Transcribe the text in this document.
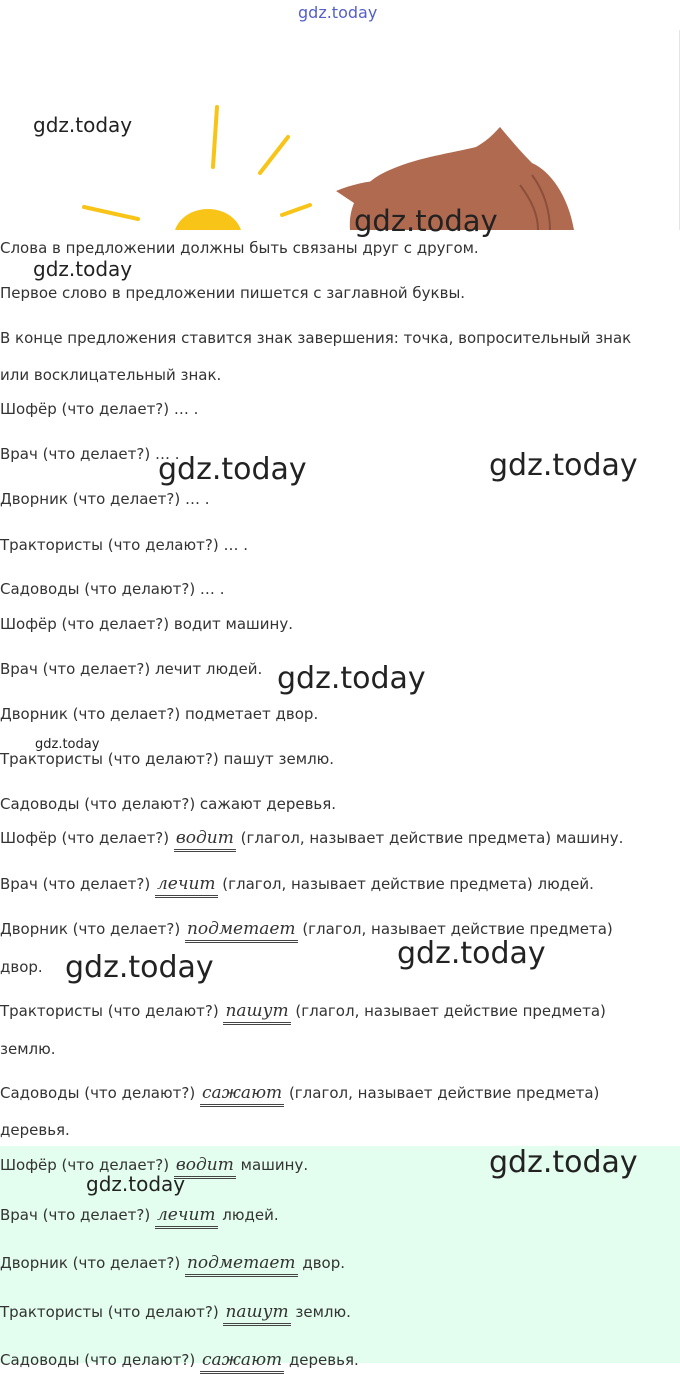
Слова в предложении должны быть связаны друг с другом.
Первое слово в предложении пишется с заглавной буквы.
В конце предложения ставится знак завершения: точка, вопросительный знак
или восклицательный знак.
Шофёр (что делает?) … .
Врач (что делает?) … .
Дворник (что делает?) … .
Трактористы (что делают?) … .
Садоводы (что делают?) … .
Шофёр (что делает?) водит машину.
Врач (что делает?) лечит людей.
Дворник (что делает?) подметает двор.
Трактористы (что делают?) пашут землю.
Садоводы (что делают?) сажают деревья.
Шофёр (что делает?) водит (глагол, называет действие предмета) машину.
Врач (что делает?) лечит (глагол, называет действие предмета) людей.
Дворник (что делает?) подметает (глагол, называет действие предмета)
двор.
Трактористы (что делают?) пашут (глагол, называет действие предмета)
землю.
Садоводы (что делают?) сажают (глагол, называет действие предмета)
деревья.
Шофёр (что делает?) водит машину.
Врач (что делает?) лечит людей.
Дворник (что делает?) подметает двор.
Трактористы (что делают?) пашут землю.
Садоводы (что делают?) сажают деревья.
gdz.today
gdz.today
gdz.today
gdz.today
gdz.today	gdz.today
gdz.today
gdz.today
gdz.today	gdz.today
gdz.today
gdz.today
